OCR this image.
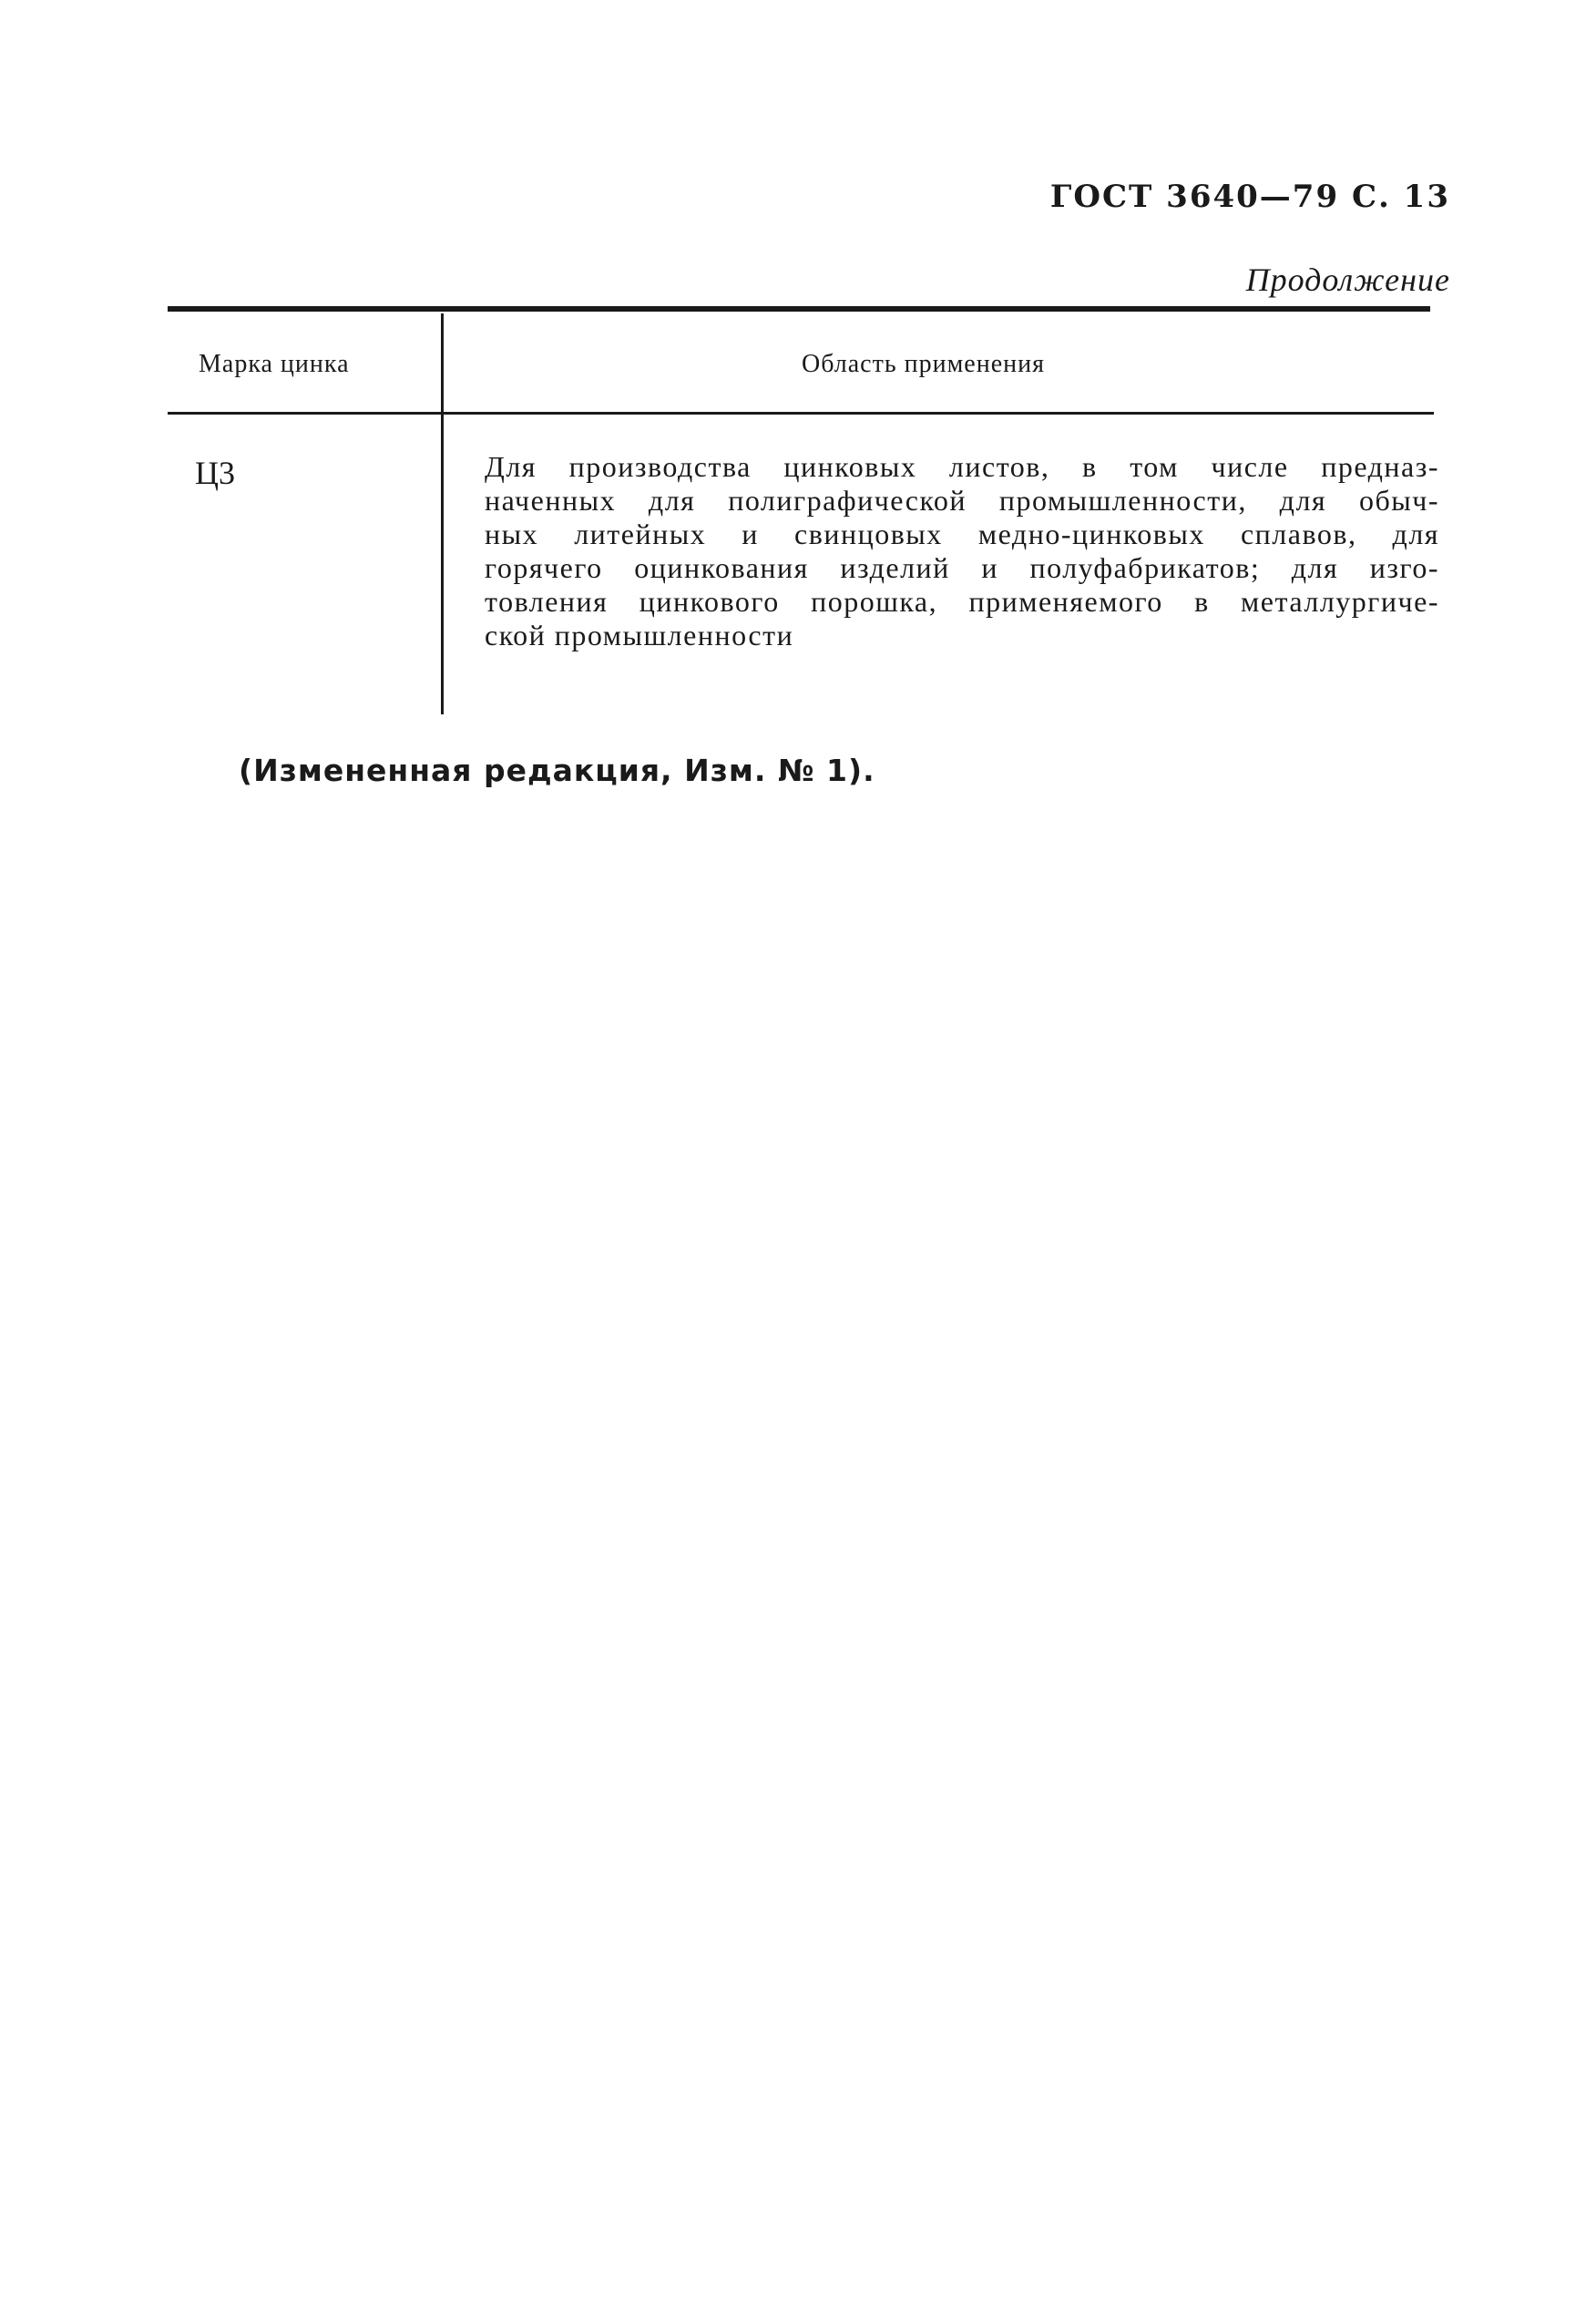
ГОСТ 3640—79 С. 13
Продолжение
Марка цинка	Область применения
Ц3	Для производства цинковых листов, в том числе предназ-
наченных для полиграфической промышленности, для обыч-
ных литейных и свинцовых медно-цинковых сплавов, для
горячего оцинкования изделий и полуфабрикатов; для изго-
товления цинкового порошка, применяемого в металлургиче-
ской промышленности
(Измененная редакция, Изм. № 1).
